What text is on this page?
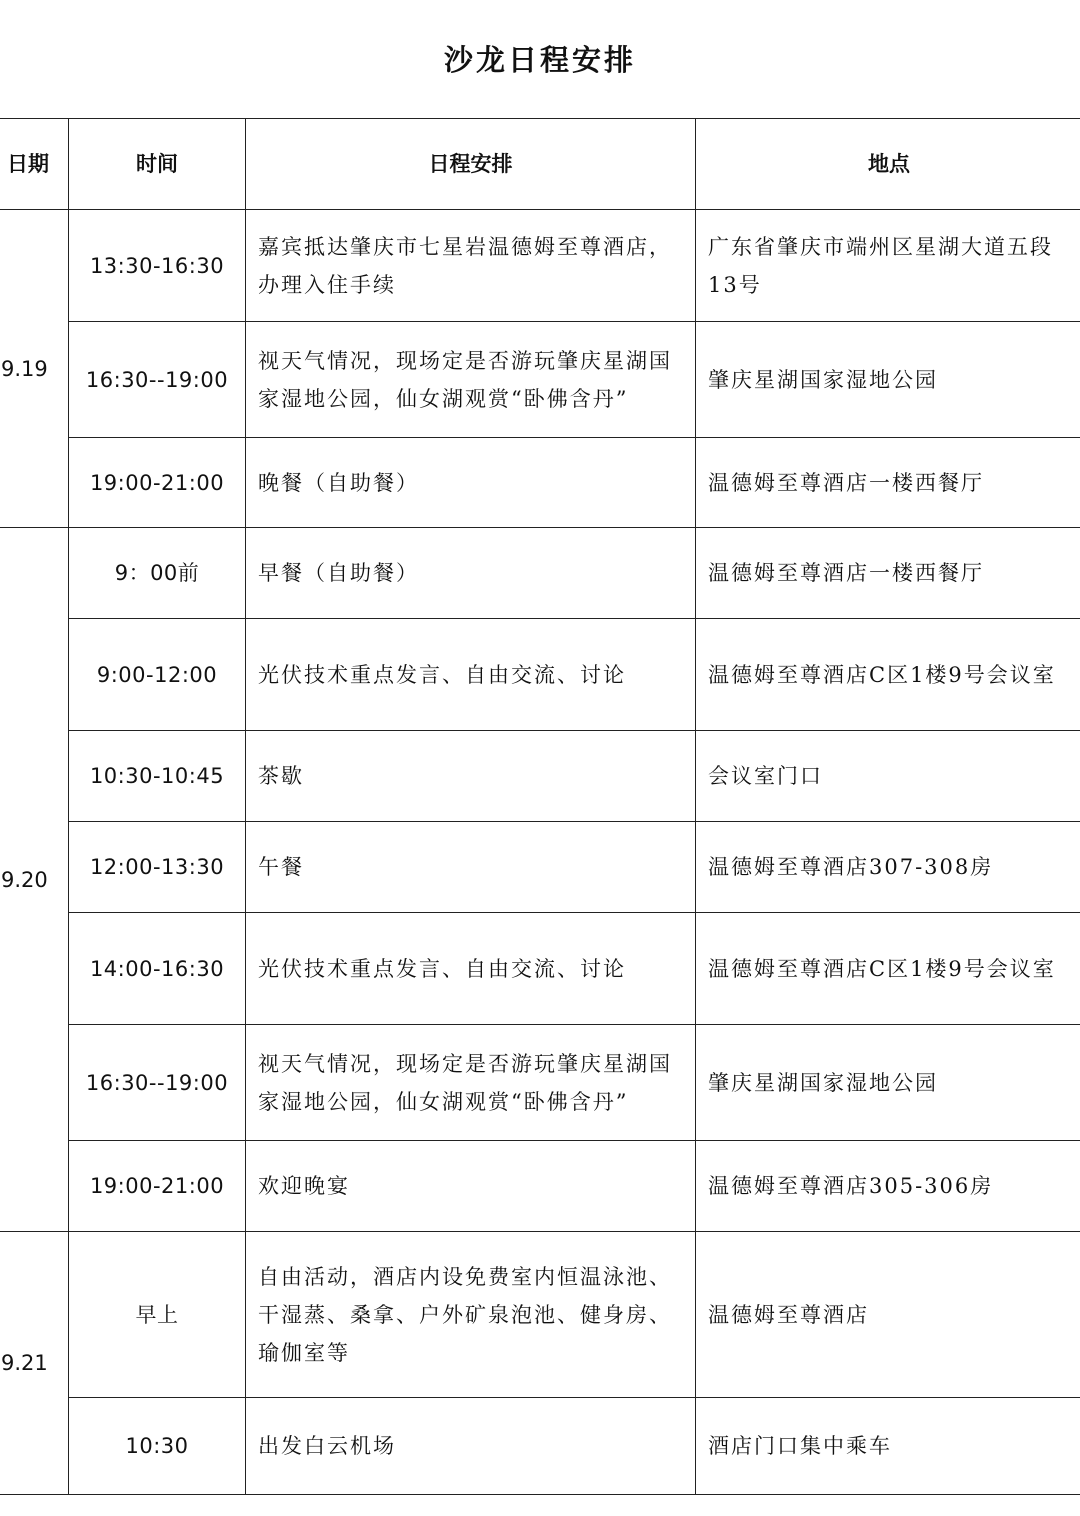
沙龙日程安排
日期	时间	日程安排	地点
9.19	13:30-16:30	嘉宾抵达肇庆市七星岩温德姆至尊酒店，办理入住手续	广东省肇庆市端州区星湖大道五段13号
	16:30--19:00	视天气情况，现场定是否游玩肇庆星湖国家湿地公园，仙女湖观赏“卧佛含丹”	肇庆星湖国家湿地公园
	19:00-21:00	晚餐（自助餐）	温德姆至尊酒店一楼西餐厅
9.20	9：00前	早餐（自助餐）	温德姆至尊酒店一楼西餐厅
	9:00-12:00	光伏技术重点发言、自由交流、讨论	温德姆至尊酒店C区1楼9号会议室
	10:30-10:45	茶歇	会议室门口
	12:00-13:30	午餐	温德姆至尊酒店307-308房
	14:00-16:30	光伏技术重点发言、自由交流、讨论	温德姆至尊酒店C区1楼9号会议室
	16:30--19:00	视天气情况，现场定是否游玩肇庆星湖国家湿地公园，仙女湖观赏“卧佛含丹”	肇庆星湖国家湿地公园
	19:00-21:00	欢迎晚宴	温德姆至尊酒店305-306房
9.21	早上	自由活动，酒店内设免费室内恒温泳池、干湿蒸、桑拿、户外矿泉泡池、健身房、瑜伽室等	温德姆至尊酒店
	10:30	出发白云机场	酒店门口集中乘车
